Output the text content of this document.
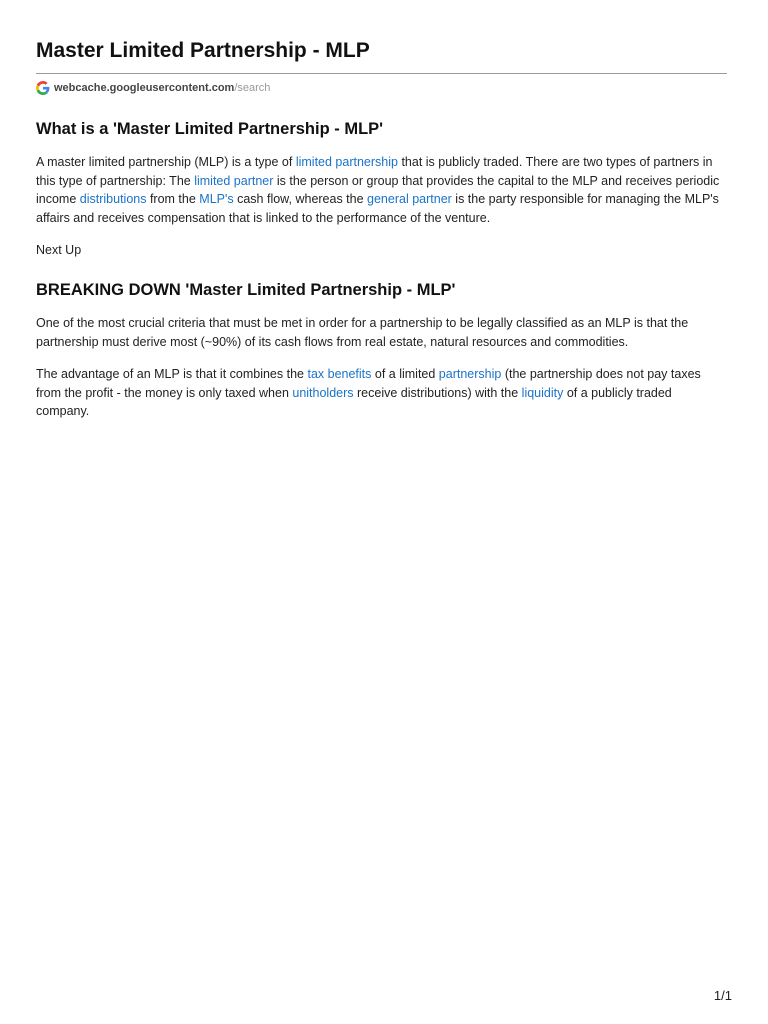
Master Limited Partnership - MLP
webcache.googleusercontent.com /search
What is a 'Master Limited Partnership - MLP'

A master limited partnership (MLP) is a type of limited partnership that is publicly traded. There are two types of partners in this type of partnership: The limited partner is the person or group that provides the capital to the MLP and receives periodic income distributions from the MLP's cash flow, whereas the general partner is the party responsible for managing the MLP's affairs and receives compensation that is linked to the performance of the venture.

Next Up

BREAKING DOWN 'Master Limited Partnership - MLP'

One of the most crucial criteria that must be met in order for a partnership to be legally classified as an MLP is that the partnership must derive most (~90%) of its cash flows from real estate, natural resources and commodities.

The advantage of an MLP is that it combines the tax benefits of a limited partnership (the partnership does not pay taxes from the profit - the money is only taxed when unitholders receive distributions) with the liquidity of a publicly traded company.

1/1
